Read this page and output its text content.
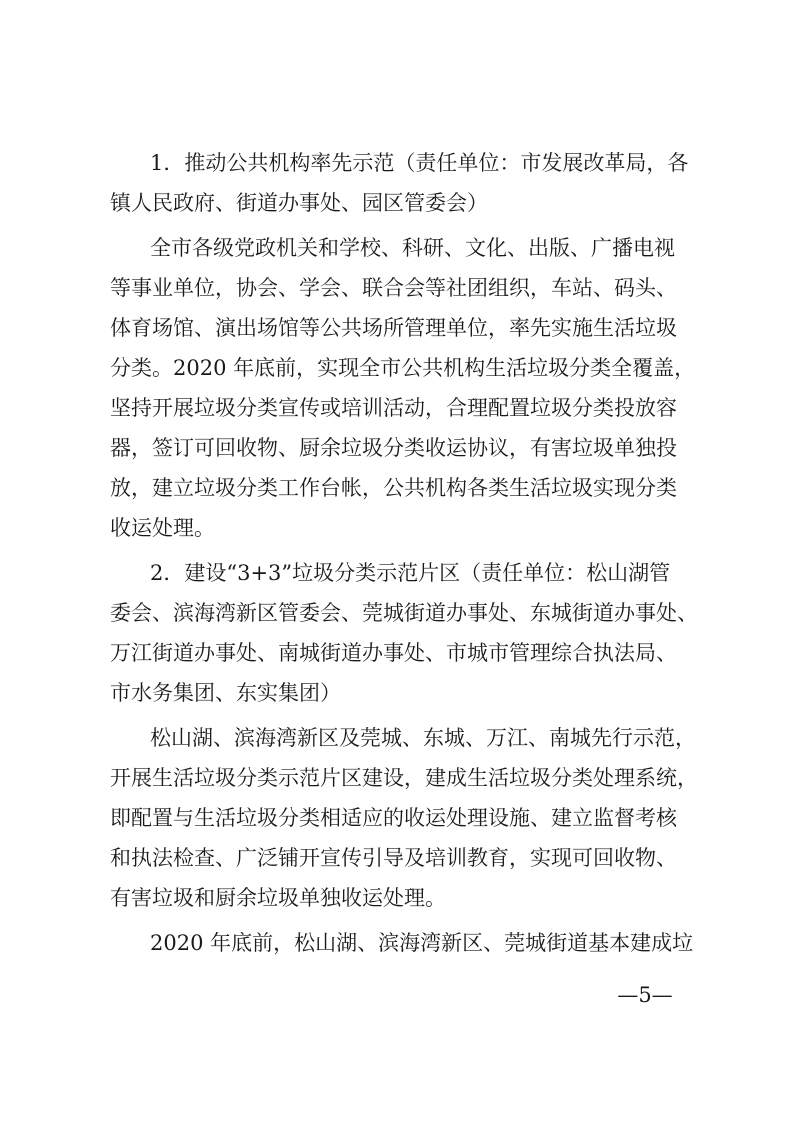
1．推动公共机构率先示范（责任单位：市发展改革局，各
镇人民政府、街道办事处、园区管委会）
全市各级党政机关和学校、科研、文化、出版、广播电视
等事业单位，协会、学会、联合会等社团组织，车站、码头、
体育场馆、演出场馆等公共场所管理单位，率先实施生活垃圾
分类。2020 年底前，实现全市公共机构生活垃圾分类全覆盖，
坚持开展垃圾分类宣传或培训活动，合理配置垃圾分类投放容
器，签订可回收物、厨余垃圾分类收运协议，有害垃圾单独投
放，建立垃圾分类工作台帐，公共机构各类生活垃圾实现分类
收运处理。
2．建设“3+3”垃圾分类示范片区（责任单位：松山湖管
委会、滨海湾新区管委会、莞城街道办事处、东城街道办事处、
万江街道办事处、南城街道办事处、市城市管理综合执法局、
市水务集团、东实集团）
松山湖、滨海湾新区及莞城、东城、万江、南城先行示范，
开展生活垃圾分类示范片区建设，建成生活垃圾分类处理系统，
即配置与生活垃圾分类相适应的收运处理设施、建立监督考核
和执法检查、广泛铺开宣传引导及培训教育，实现可回收物、
有害垃圾和厨余垃圾单独收运处理。
2020 年底前，松山湖、滨海湾新区、莞城街道基本建成垃
—5—
